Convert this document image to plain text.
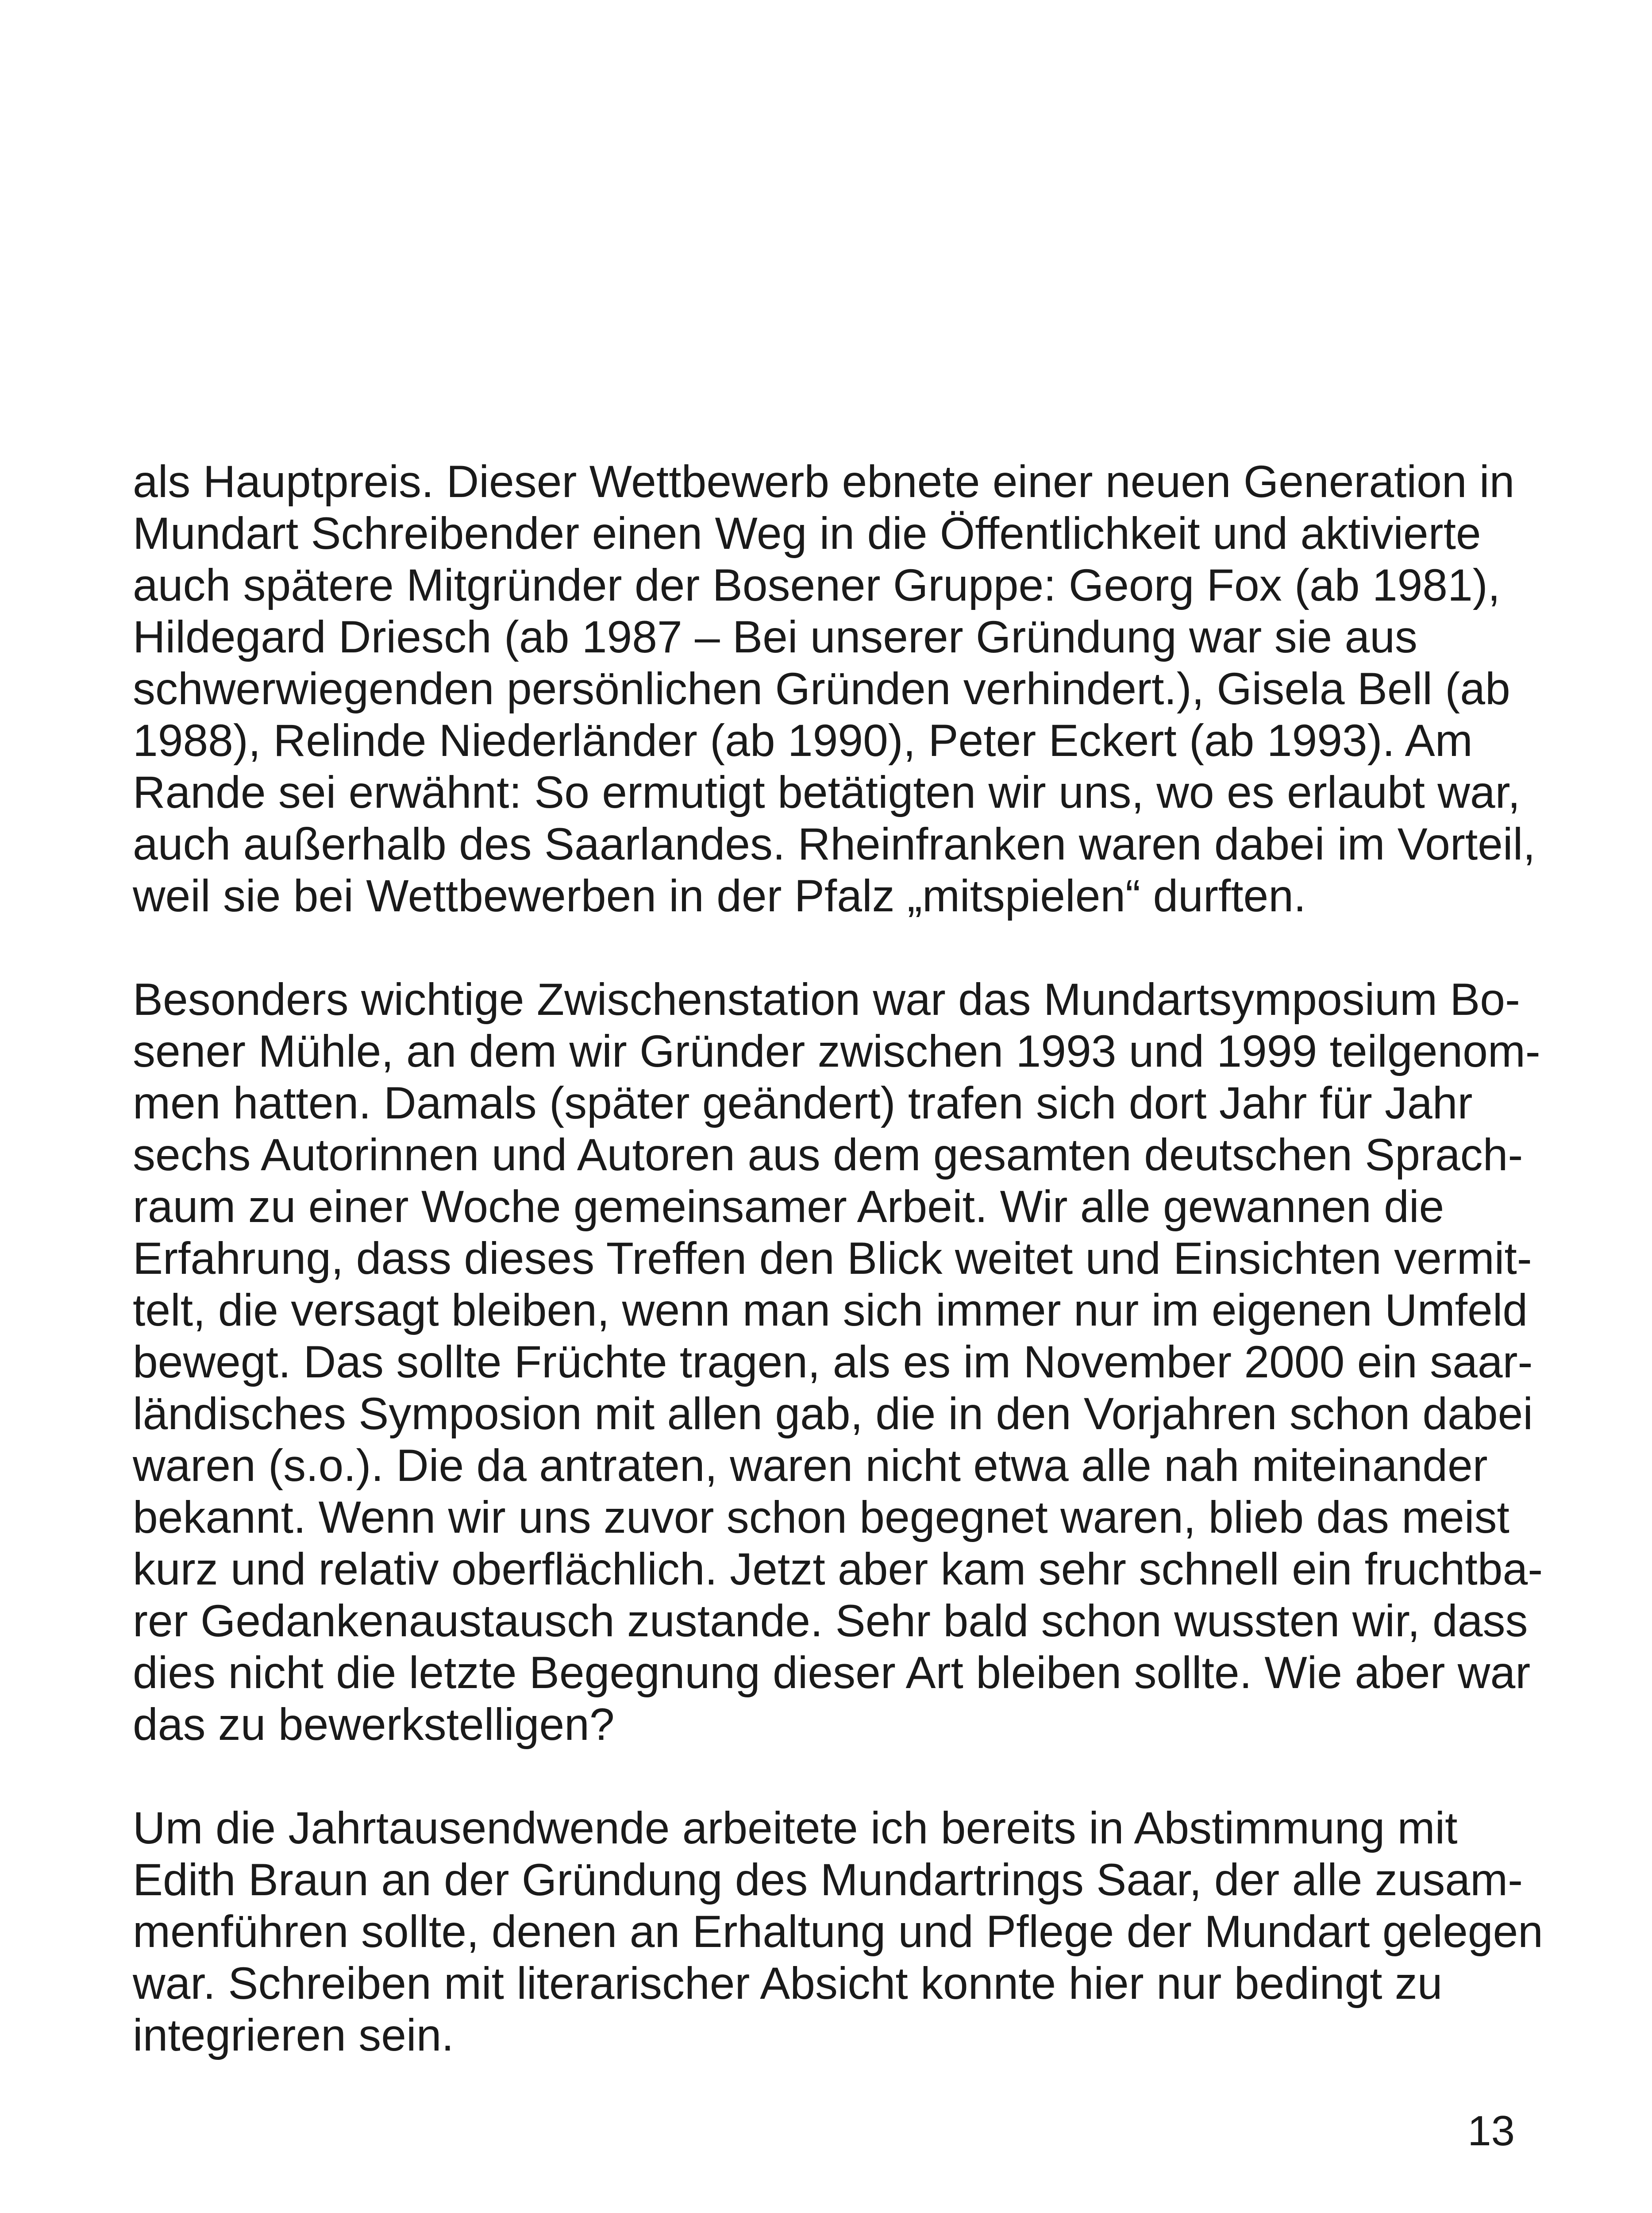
als Hauptpreis. Dieser Wettbewerb ebnete einer neuen Generation in
Mundart Schreibender einen Weg in die Öffentlichkeit und aktivierte
auch spätere Mitgründer der Bosener Gruppe: Georg Fox (ab 1981),
Hildegard Driesch (ab 1987 – Bei unserer Gründung war sie aus
schwerwiegenden persönlichen Gründen verhindert.), Gisela Bell (ab
1988), Relinde Niederländer (ab 1990), Peter Eckert (ab 1993). Am
Rande sei erwähnt: So ermutigt betätigten wir uns, wo es erlaubt war,
auch außerhalb des Saarlandes. Rheinfranken waren dabei im Vorteil,
weil sie bei Wettbewerben in der Pfalz „mitspielen“ durften.
Besonders wichtige Zwischenstation war das Mundartsymposium Bo-
sener Mühle, an dem wir Gründer zwischen 1993 und 1999 teilgenom-
men hatten. Damals (später geändert) trafen sich dort Jahr für Jahr
sechs Autorinnen und Autoren aus dem gesamten deutschen Sprach-
raum zu einer Woche gemeinsamer Arbeit. Wir alle gewannen die
Erfahrung, dass dieses Treffen den Blick weitet und Einsichten vermit-
telt, die versagt bleiben, wenn man sich immer nur im eigenen Umfeld
bewegt. Das sollte Früchte tragen, als es im November 2000 ein saar-
ländisches Symposion mit allen gab, die in den Vorjahren schon dabei
waren (s.o.). Die da antraten, waren nicht etwa alle nah miteinander
bekannt. Wenn wir uns zuvor schon begegnet waren, blieb das meist
kurz und relativ oberflächlich. Jetzt aber kam sehr schnell ein fruchtba-
rer Gedankenaustausch zustande. Sehr bald schon wussten wir, dass
dies nicht die letzte Begegnung dieser Art bleiben sollte. Wie aber war
das zu bewerkstelligen?
Um die Jahrtausendwende arbeitete ich bereits in Abstimmung mit
Edith Braun an der Gründung des Mundartrings Saar, der alle zusam-
menführen sollte, denen an Erhaltung und Pflege der Mundart gelegen
war. Schreiben mit literarischer Absicht konnte hier nur bedingt zu
integrieren sein.
13
